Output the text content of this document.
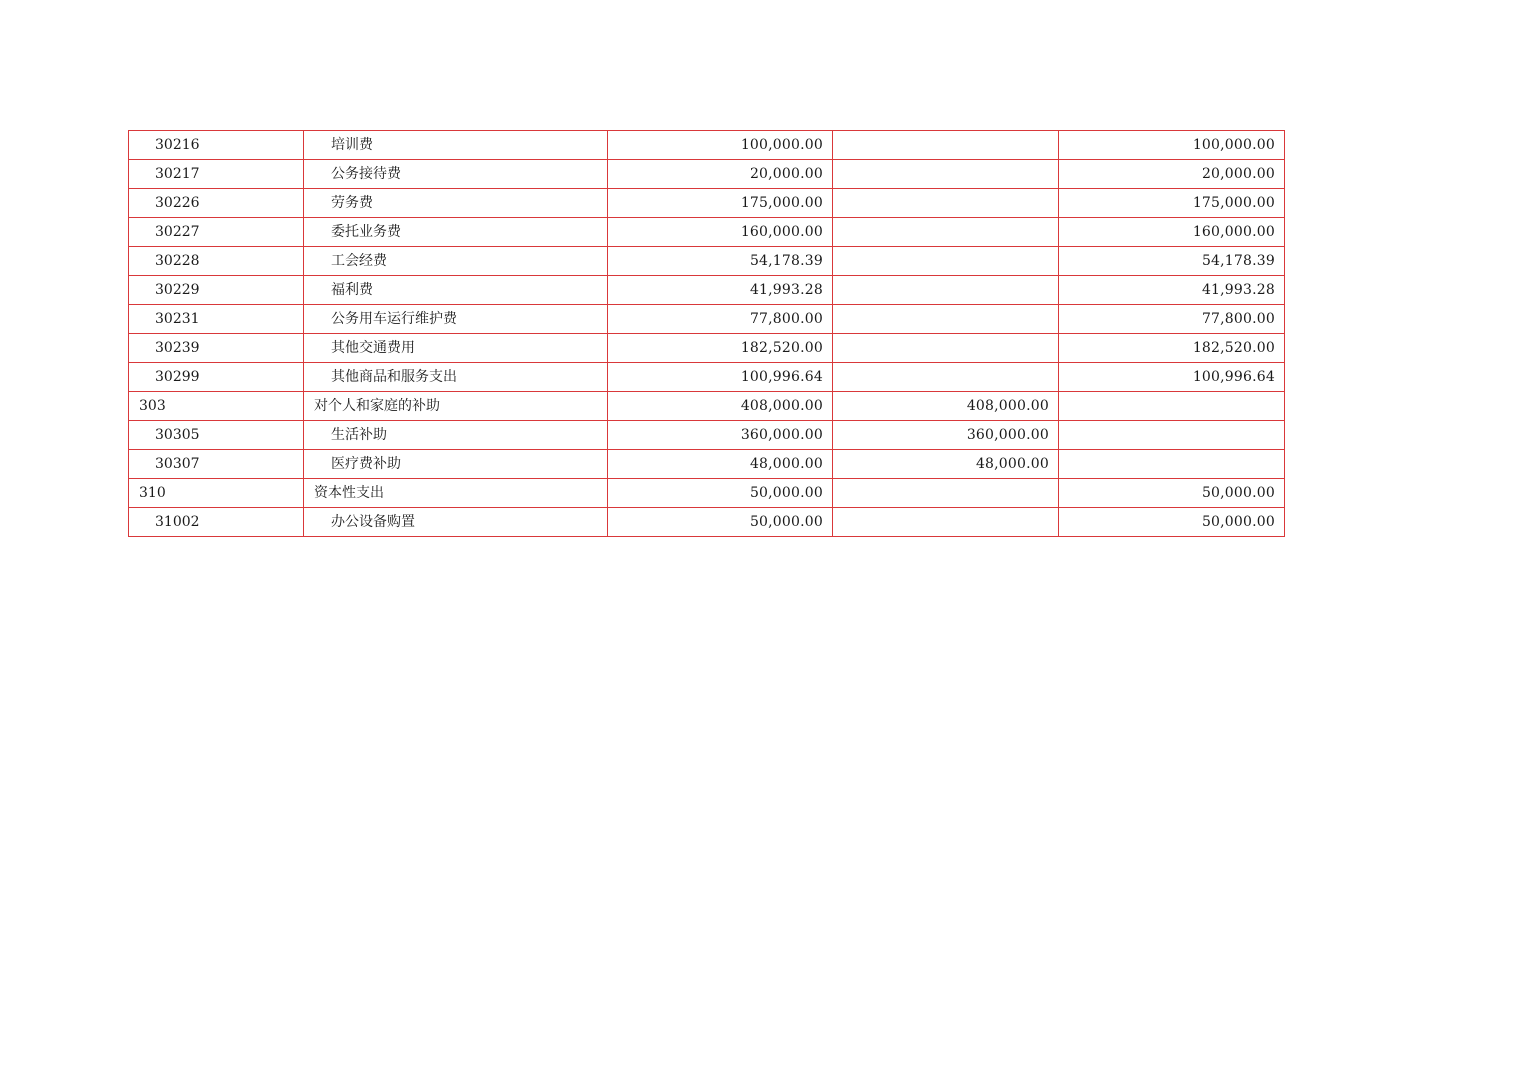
30216	培训费	100,000.00		100,000.00
30217	公务接待费	20,000.00		20,000.00
30226	劳务费	175,000.00		175,000.00
30227	委托业务费	160,000.00		160,000.00
30228	工会经费	54,178.39		54,178.39
30229	福利费	41,993.28		41,993.28
30231	公务用车运行维护费	77,800.00		77,800.00
30239	其他交通费用	182,520.00		182,520.00
30299	其他商品和服务支出	100,996.64		100,996.64
303	对个人和家庭的补助	408,000.00	408,000.00	
30305	生活补助	360,000.00	360,000.00	
30307	医疗费补助	48,000.00	48,000.00	
310	资本性支出	50,000.00		50,000.00
31002	办公设备购置	50,000.00		50,000.00
